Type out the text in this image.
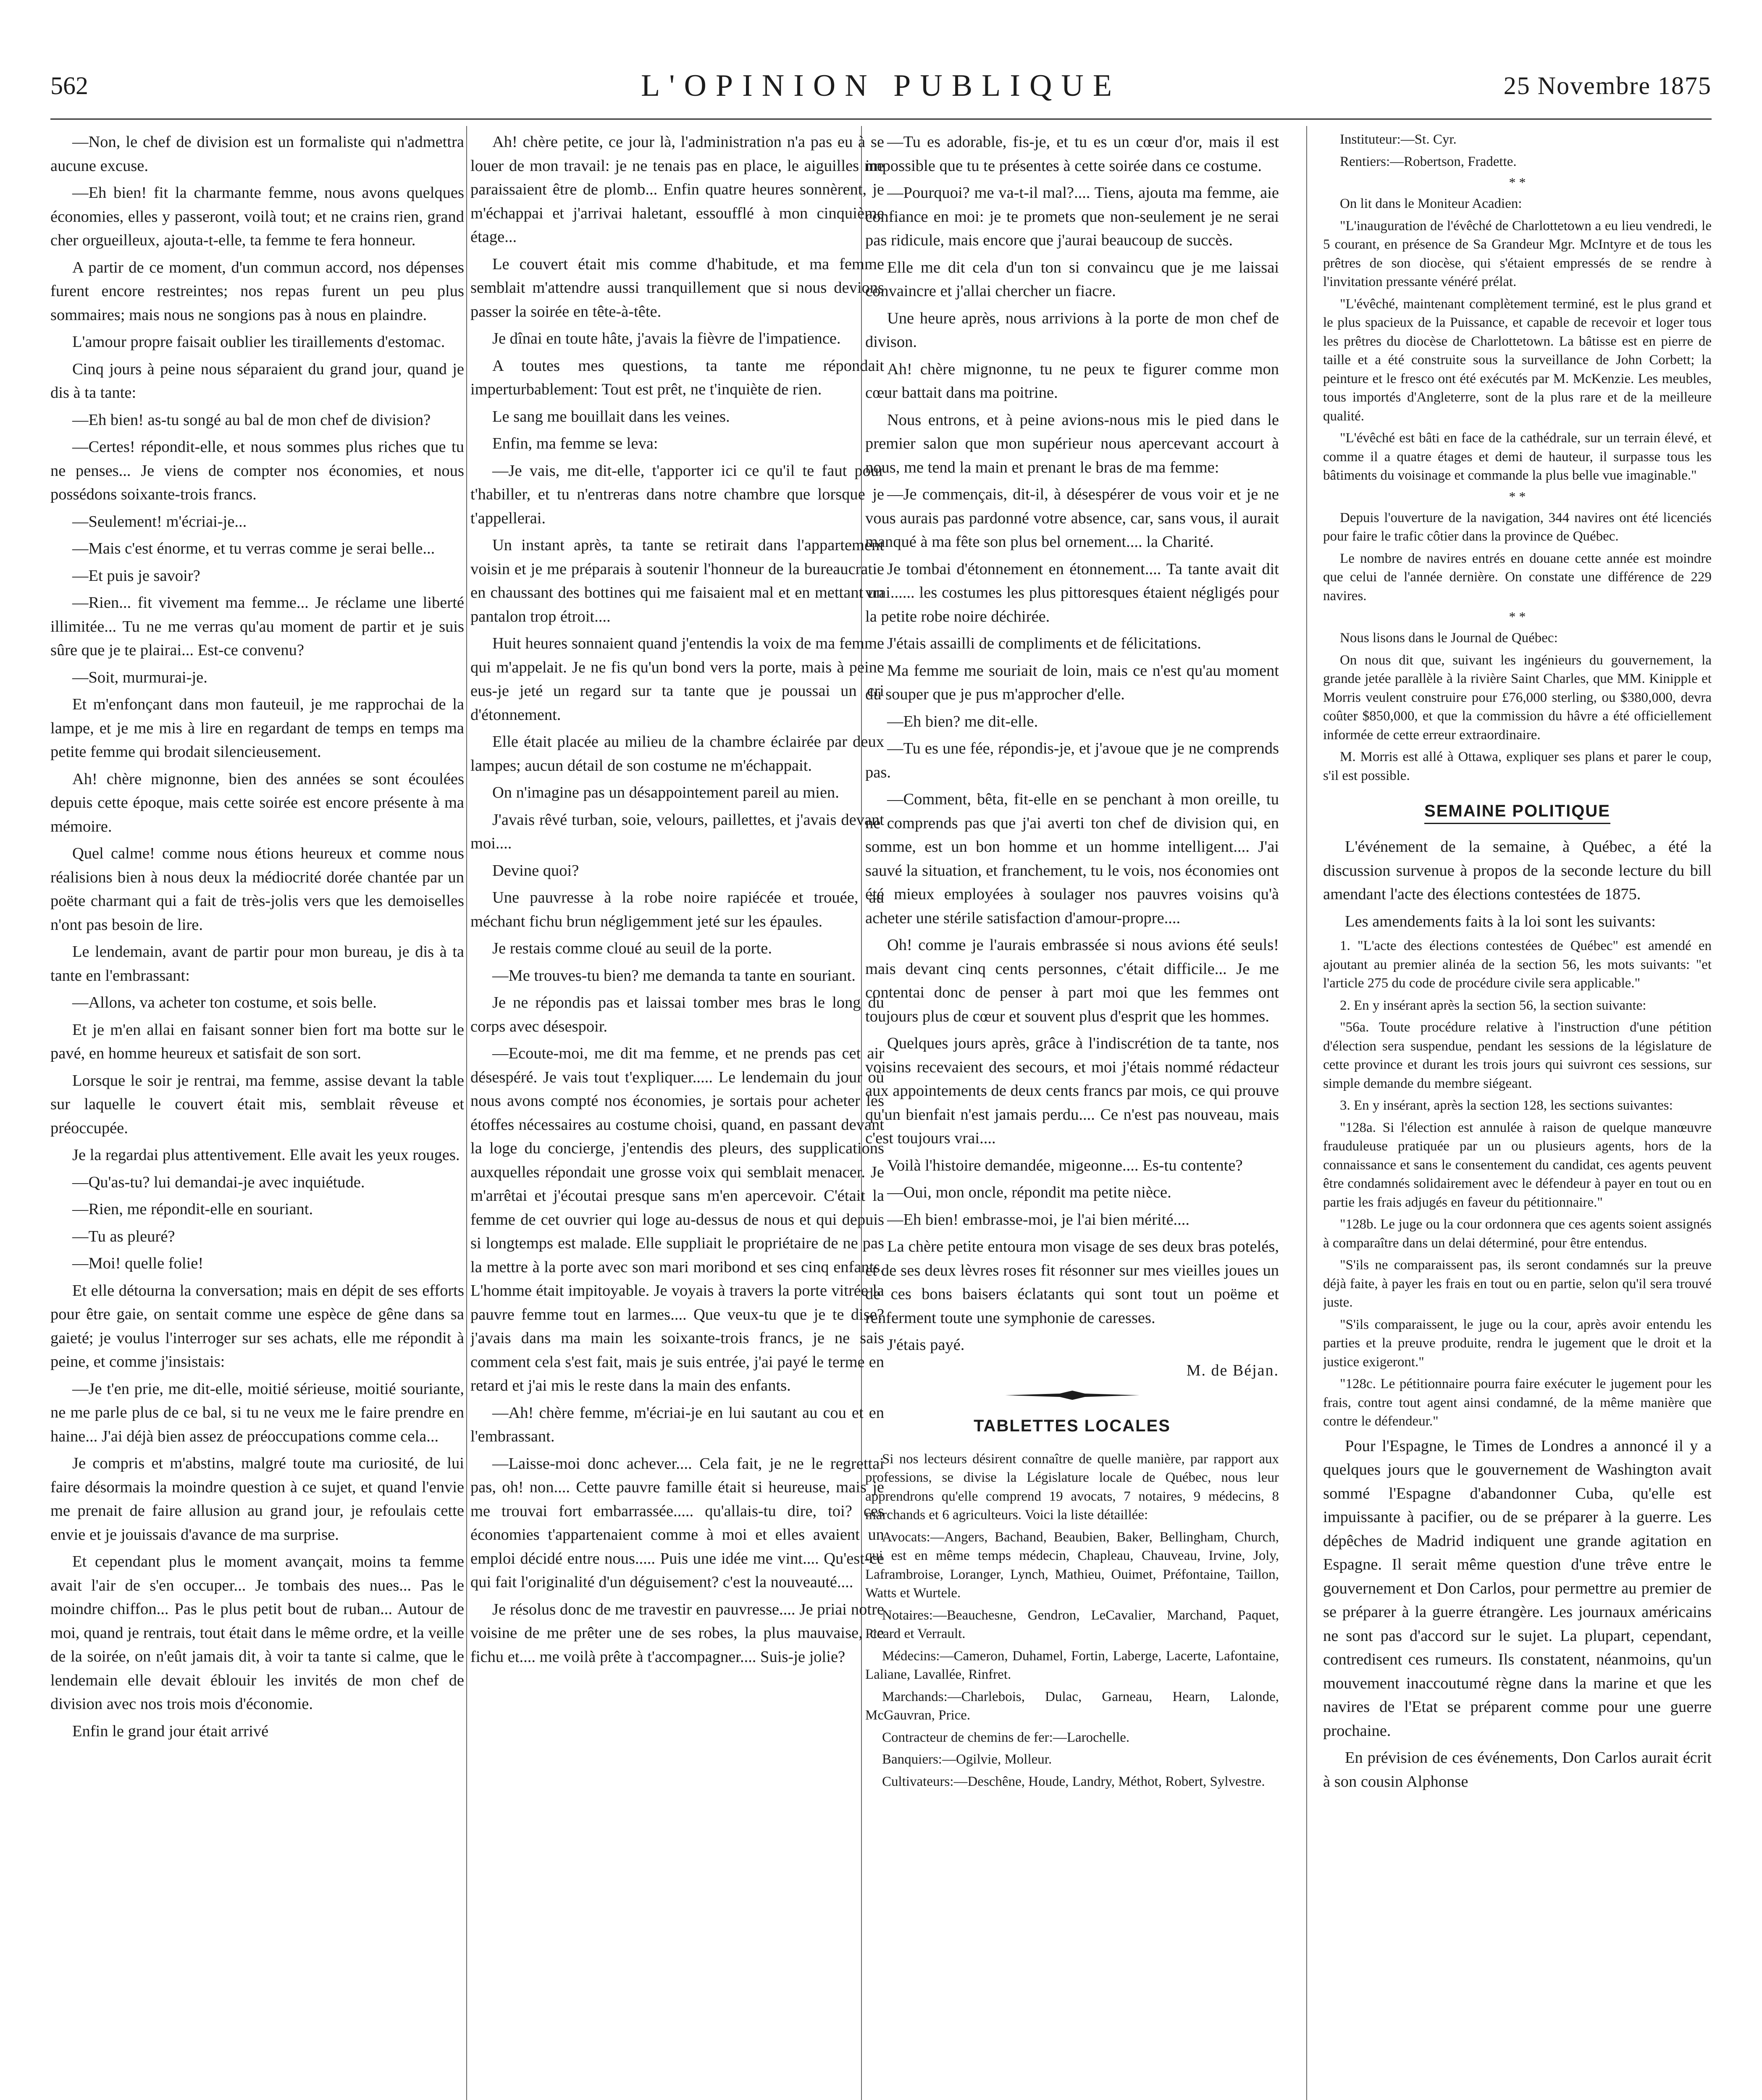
562	L'OPINION PUBLIQUE	25 Novembre 1875

—Non, le chef de division est un formaliste qui n'admettra aucune excuse.

—Eh bien! fit la charmante femme, nous avons quelques économies, elles y passeront, voilà tout; et ne crains rien, grand cher orgueilleux, ajouta-t-elle, ta femme te fera honneur.

A partir de ce moment, d'un commun accord, nos dépenses furent encore restreintes; nos repas furent un peu plus sommaires; mais nous ne songions pas à nous en plaindre.

L'amour propre faisait oublier les tiraillements d'estomac.

Cinq jours à peine nous séparaient du grand jour, quand je dis à ta tante:

—Eh bien! as-tu songé au bal de mon chef de division?

—Certes! répondit-elle, et nous sommes plus riches que tu ne penses... Je viens de compter nos économies, et nous possédons soixante-trois francs.

—Seulement! m'écriai-je...

—Mais c'est énorme, et tu verras comme je serai belle...

—Et puis je savoir?

—Rien... fit vivement ma femme... Je réclame une liberté illimitée... Tu ne me verras qu'au moment de partir et je suis sûre que je te plairai... Est-ce convenu?

—Soit, murmurai-je.

Et m'enfonçant dans mon fauteuil, je me rapprochai de la lampe, et je me mis à lire en regardant de temps en temps ma petite femme qui brodait silencieusement.

Ah! chère mignonne, bien des années se sont écoulées depuis cette époque, mais cette soirée est encore présente à ma mémoire.

Quel calme! comme nous étions heureux et comme nous réalisions bien à nous deux la médiocrité dorée chantée par un poëte charmant qui a fait de très-jolis vers que les demoiselles n'ont pas besoin de lire.

Le lendemain, avant de partir pour mon bureau, je dis à ta tante en l'embrassant:

—Allons, va acheter ton costume, et sois belle.

Et je m'en allai en faisant sonner bien fort ma botte sur le pavé, en homme heureux et satisfait de son sort.

Lorsque le soir je rentrai, ma femme, assise devant la table sur laquelle le couvert était mis, semblait rêveuse et préoccupée.

Je la regardai plus attentivement. Elle avait les yeux rouges.

—Qu'as-tu? lui demandai-je avec inquiétude.

—Rien, me répondit-elle en souriant.

—Tu as pleuré?

—Moi! quelle folie!

Et elle détourna la conversation; mais en dépit de ses efforts pour être gaie, on sentait comme une espèce de gêne dans sa gaieté; je voulus l'interroger sur ses achats, elle me répondit à peine, et comme j'insistais:

—Je t'en prie, me dit-elle, moitié sérieuse, moitié souriante, ne me parle plus de ce bal, si tu ne veux me le faire prendre en haine... J'ai déjà bien assez de préoccupations comme cela...

Je compris et m'abstins, malgré toute ma curiosité, de lui faire désormais la moindre question à ce sujet, et quand l'envie me prenait de faire allusion au grand jour, je refoulais cette envie et je jouissais d'avance de ma surprise.

Et cependant plus le moment avançait, moins ta femme avait l'air de s'en occuper... Je tombais des nues... Pas le moindre chiffon... Pas le plus petit bout de ruban... Autour de moi, quand je rentrais, tout était dans le même ordre, et la veille de la soirée, on n'eût jamais dit, à voir ta tante si calme, que le lendemain elle devait éblouir les invités de mon chef de division avec nos trois mois d'économie.

Enfin le grand jour était arrivé

Ah! chère petite, ce jour là, l'administration n'a pas eu à se louer de mon travail: je ne tenais pas en place, le aiguilles me paraissaient être de plomb... Enfin quatre heures sonnèrent, je m'échappai et j'arrivai haletant, essoufflé à mon cinquième étage...

Le couvert était mis comme d'habitude, et ma femme semblait m'attendre aussi tranquillement que si nous devions passer la soirée en tête-à-tête.

Je dînai en toute hâte, j'avais la fièvre de l'impatience.

A toutes mes questions, ta tante me répondait imperturbablement: Tout est prêt, ne t'inquiète de rien.

Le sang me bouillait dans les veines.

Enfin, ma femme se leva:

—Je vais, me dit-elle, t'apporter ici ce qu'il te faut pour t'habiller, et tu n'entreras dans notre chambre que lorsque je t'appellerai.

Un instant après, ta tante se retirait dans l'appartement voisin et je me préparais à soutenir l'honneur de la bureaucratie en chaussant des bottines qui me faisaient mal et en mettant un pantalon trop étroit....

Huit heures sonnaient quand j'entendis la voix de ma femme qui m'appelait. Je ne fis qu'un bond vers la porte, mais à peine eus-je jeté un regard sur ta tante que je poussai un cri d'étonnement.

Elle était placée au milieu de la chambre éclairée par deux lampes; aucun détail de son costume ne m'échappait.

On n'imagine pas un désappointement pareil au mien.

J'avais rêvé turban, soie, velours, paillettes, et j'avais devant moi....

Devine quoi?

Une pauvresse à la robe noire rapiécée et trouée, au méchant fichu brun négligemment jeté sur les épaules.

Je restais comme cloué au seuil de la porte.

—Me trouves-tu bien? me demanda ta tante en souriant.

Je ne répondis pas et laissai tomber mes bras le long du corps avec désespoir.

—Ecoute-moi, me dit ma femme, et ne prends pas cet air désespéré. Je vais tout t'expliquer..... Le lendemain du jour où nous avons compté nos économies, je sortais pour acheter les étoffes nécessaires au costume choisi, quand, en passant devant la loge du concierge, j'entendis des pleurs, des supplications auxquelles répondait une grosse voix qui semblait menacer. Je m'arrêtai et j'écoutai presque sans m'en apercevoir. C'était la femme de cet ouvrier qui loge au-dessus de nous et qui depuis si longtemps est malade. Elle suppliait le propriétaire de ne pas la mettre à la porte avec son mari moribond et ses cinq enfants. L'homme était impitoyable. Je voyais à travers la porte vitrée la pauvre femme tout en larmes.... Que veux-tu que je te dise? j'avais dans ma main les soixante-trois francs, je ne sais comment cela s'est fait, mais je suis entrée, j'ai payé le terme en retard et j'ai mis le reste dans la main des enfants.

—Ah! chère femme, m'écriai-je en lui sautant au cou et en l'embrassant.

—Laisse-moi donc achever.... Cela fait, je ne le regrettai pas, oh! non.... Cette pauvre famille était si heureuse, mais je me trouvai fort embarrassée..... qu'allais-tu dire, toi? ces économies t'appartenaient comme à moi et elles avaient un emploi décidé entre nous..... Puis une idée me vint.... Qu'est-ce qui fait l'originalité d'un déguisement? c'est la nouveauté....

Je résolus donc de me travestir en pauvresse.... Je priai notre voisine de me prêter une de ses robes, la plus mauvaise, ce fichu et.... me voilà prête à t'accompagner.... Suis-je jolie?

—Tu es adorable, fis-je, et tu es un cœur d'or, mais il est impossible que tu te présentes à cette soirée dans ce costume.

—Pourquoi? me va-t-il mal?.... Tiens, ajouta ma femme, aie confiance en moi: je te promets que non-seulement je ne serai pas ridicule, mais encore que j'aurai beaucoup de succès.

Elle me dit cela d'un ton si convaincu que je me laissai convaincre et j'allai chercher un fiacre.

Une heure après, nous arrivions à la porte de mon chef de divison.

Ah! chère mignonne, tu ne peux te figurer comme mon cœur battait dans ma poitrine.

Nous entrons, et à peine avions-nous mis le pied dans le premier salon que mon supérieur nous apercevant accourt à nous, me tend la main et prenant le bras de ma femme:

—Je commençais, dit-il, à désespérer de vous voir et je ne vous aurais pas pardonné votre absence, car, sans vous, il aurait manqué à ma fête son plus bel ornement.... la Charité.

Je tombai d'étonnement en étonnement.... Ta tante avait dit vrai...... les costumes les plus pittoresques étaient négligés pour la petite robe noire déchirée.

J'étais assailli de compliments et de félicitations.

Ma femme me souriait de loin, mais ce n'est qu'au moment du souper que je pus m'approcher d'elle.

—Eh bien? me dit-elle.

—Tu es une fée, répondis-je, et j'avoue que je ne comprends pas.

—Comment, bêta, fit-elle en se penchant à mon oreille, tu ne comprends pas que j'ai averti ton chef de division qui, en somme, est un bon homme et un homme intelligent.... J'ai sauvé la situation, et franchement, tu le vois, nos économies ont été mieux employées à soulager nos pauvres voisins qu'à acheter une stérile satisfaction d'amour-propre....

Oh! comme je l'aurais embrassée si nous avions été seuls! mais devant cinq cents personnes, c'était difficile... Je me contentai donc de penser à part moi que les femmes ont toujours plus de cœur et souvent plus d'esprit que les hommes.

Quelques jours après, grâce à l'indiscrétion de ta tante, nos voisins recevaient des secours, et moi j'étais nommé rédacteur aux appointements de deux cents francs par mois, ce qui prouve qu'un bienfait n'est jamais perdu.... Ce n'est pas nouveau, mais c'est toujours vrai....

Voilà l'histoire demandée, migeonne.... Es-tu contente?

—Oui, mon oncle, répondit ma petite nièce.

—Eh bien! embrasse-moi, je l'ai bien mérité....

La chère petite entoura mon visage de ses deux bras potelés, et de ses deux lèvres roses fit résonner sur mes vieilles joues un de ces bons baisers éclatants qui sont tout un poëme et renferment toute une symphonie de caresses.

J'étais payé.

M. de Béjan.
TABLETTES LOCALES

Si nos lecteurs désirent connaître de quelle manière, par rapport aux professions, se divise la Législature locale de Québec, nous leur apprendrons qu'elle comprend 19 avocats, 7 notaires, 9 médecins, 8 marchands et 6 agriculteurs. Voici la liste détaillée:

Avocats:—Angers, Bachand, Beaubien, Baker, Bellingham, Church, qui est en même temps médecin, Chapleau, Chauveau, Irvine, Joly, Laframbroise, Loranger, Lynch, Mathieu, Ouimet, Préfontaine, Taillon, Watts et Wurtele.

Notaires:—Beauchesne, Gendron, LeCavalier, Marchand, Paquet, Picard et Verrault.

Médecins:—Cameron, Duhamel, Fortin, Laberge, Lacerte, Lafontaine, Laliane, Lavallée, Rinfret.

Marchands:—Charlebois, Dulac, Garneau, Hearn, Lalonde, McGauvran, Price.

Contracteur de chemins de fer:—Larochelle.

Banquiers:—Ogilvie, Molleur.

Cultivateurs:—Deschêne, Houde, Landry, Méthot, Robert, Sylvestre.

Instituteur:—St. Cyr.

Rentiers:—Robertson, Fradette.

* *

On lit dans le Moniteur Acadien:

"L'inauguration de l'évêché de Charlottetown a eu lieu vendredi, le 5 courant, en présence de Sa Grandeur Mgr. McIntyre et de tous les prêtres de son diocèse, qui s'étaient empressés de se rendre à l'invitation pressante vénéré prélat.

"L'évêché, maintenant complètement terminé, est le plus grand et le plus spacieux de la Puissance, et capable de recevoir et loger tous les prêtres du diocèse de Charlottetown. La bâtisse est en pierre de taille et a été construite sous la surveillance de John Corbett; la peinture et le fresco ont été exécutés par M. McKenzie. Les meubles, tous importés d'Angleterre, sont de la plus rare et de la meilleure qualité.

"L'évêché est bâti en face de la cathédrale, sur un terrain élevé, et comme il a quatre étages et demi de hauteur, il surpasse tous les bâtiments du voisinage et commande la plus belle vue imaginable."

* *

Depuis l'ouverture de la navigation, 344 navires ont été licenciés pour faire le trafic côtier dans la province de Québec.

Le nombre de navires entrés en douane cette année est moindre que celui de l'année dernière. On constate une différence de 229 navires.

* *

Nous lisons dans le Journal de Québec:

On nous dit que, suivant les ingénieurs du gouvernement, la grande jetée parallèle à la rivière Saint Charles, que MM. Kinipple et Morris veulent construire pour £76,000 sterling, ou $380,000, devra coûter $850,000, et que la commission du hâvre a été officiellement informée de cette erreur extraordinaire.

M. Morris est allé à Ottawa, expliquer ses plans et parer le coup, s'il est possible.

SEMAINE POLITIQUE

L'événement de la semaine, à Québec, a été la discussion survenue à propos de la seconde lecture du bill amendant l'acte des élections contestées de 1875.

Les amendements faits à la loi sont les suivants:

1. "L'acte des élections contestées de Québec" est amendé en ajoutant au premier alinéa de la section 56, les mots suivants: "et l'article 275 du code de procédure civile sera applicable."

2. En y insérant après la section 56, la section suivante:

"56a. Toute procédure relative à l'instruction d'une pétition d'élection sera suspendue, pendant les sessions de la législature de cette province et durant les trois jours qui suivront ces sessions, sur simple demande du membre siégeant.

3. En y insérant, après la section 128, les sections suivantes:

"128a. Si l'élection est annulée à raison de quelque manœuvre frauduleuse pratiquée par un ou plusieurs agents, hors de la connaissance et sans le consentement du candidat, ces agents peuvent être condamnés solidairement avec le défendeur à payer en tout ou en partie les frais adjugés en faveur du pétitionnaire."

"128b. Le juge ou la cour ordonnera que ces agents soient assignés à comparaître dans un delai déterminé, pour être entendus.

"S'ils ne comparaissent pas, ils seront condamnés sur la preuve déjà faite, à payer les frais en tout ou en partie, selon qu'il sera trouvé juste.

"S'ils comparaissent, le juge ou la cour, après avoir entendu les parties et la preuve produite, rendra le jugement que le droit et la justice exigeront."

"128c. Le pétitionnaire pourra faire exécuter le jugement pour les frais, contre tout agent ainsi condamné, de la même manière que contre le défendeur."

Pour l'Espagne, le Times de Londres a annoncé il y a quelques jours que le gouvernement de Washington avait sommé l'Espagne d'abandonner Cuba, qu'elle est impuissante à pacifier, ou de se préparer à la guerre. Les dépêches de Madrid indiquent une grande agitation en Espagne. Il serait même question d'une trêve entre le gouvernement et Don Carlos, pour permettre au premier de se préparer à la guerre étrangère. Les journaux américains ne sont pas d'accord sur le sujet. La plupart, cependant, contredisent ces rumeurs. Ils constatent, néanmoins, qu'un mouvement inaccoutumé règne dans la marine et que les navires de l'Etat se préparent comme pour une guerre prochaine.

En prévision de ces événements, Don Carlos aurait écrit à son cousin Alphonse
